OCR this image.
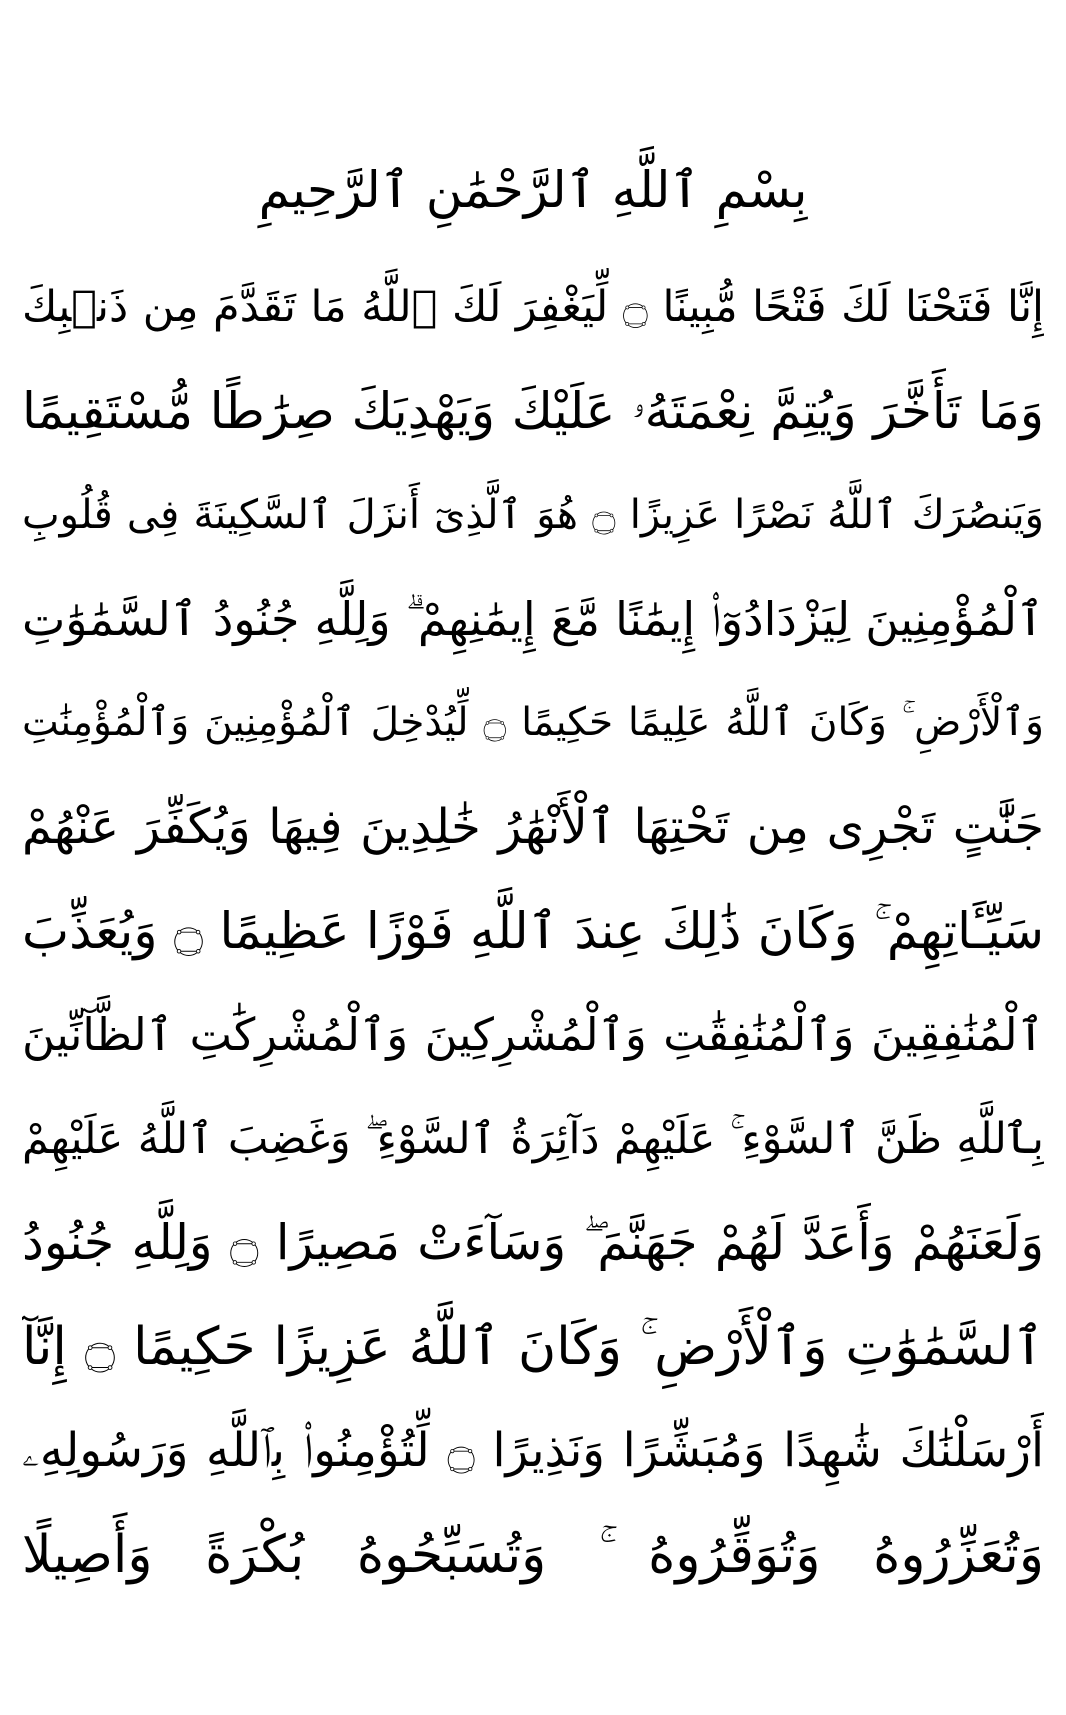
بِسْمِ ٱللَّهِ ٱلرَّحْمَٰنِ ٱلرَّحِيمِ
إِنَّا فَتَحْنَا لَكَ فَتْحًا مُّبِينًا ۝ لِّيَغْفِرَ لَكَ ٱللَّهُ مَا تَقَدَّمَ مِن ذَنۢبِكَ
وَمَا تَأَخَّرَ وَيُتِمَّ نِعْمَتَهُۥ عَلَيْكَ وَيَهْدِيَكَ صِرَٰطًا مُّسْتَقِيمًا
وَيَنصُرَكَ ٱللَّهُ نَصْرًا عَزِيزًا ۝ هُوَ ٱلَّذِىٓ أَنزَلَ ٱلسَّكِينَةَ فِى قُلُوبِ
ٱلْمُؤْمِنِينَ لِيَزْدَادُوٓا۟ إِيمَٰنًا مَّعَ إِيمَٰنِهِمْ ۗ وَلِلَّهِ جُنُودُ ٱلسَّمَٰوَٰتِ
وَٱلْأَرْضِ ۚ وَكَانَ ٱللَّهُ عَلِيمًا حَكِيمًا ۝ لِّيُدْخِلَ ٱلْمُؤْمِنِينَ وَٱلْمُؤْمِنَٰتِ
جَنَّٰتٍ تَجْرِى مِن تَحْتِهَا ٱلْأَنْهَٰرُ خَٰلِدِينَ فِيهَا وَيُكَفِّرَ عَنْهُمْ
سَيِّـَٔاتِهِمْ ۚ وَكَانَ ذَٰلِكَ عِندَ ٱللَّهِ فَوْزًا عَظِيمًا ۝ وَيُعَذِّبَ
ٱلْمُنَٰفِقِينَ وَٱلْمُنَٰفِقَٰتِ وَٱلْمُشْرِكِينَ وَٱلْمُشْرِكَٰتِ ٱلظَّآنِّينَ
بِٱللَّهِ ظَنَّ ٱلسَّوْءِ ۚ عَلَيْهِمْ دَآئِرَةُ ٱلسَّوْءِ ۖ وَغَضِبَ ٱللَّهُ عَلَيْهِمْ
وَلَعَنَهُمْ وَأَعَدَّ لَهُمْ جَهَنَّمَ ۖ وَسَآءَتْ مَصِيرًا ۝ وَلِلَّهِ جُنُودُ
ٱلسَّمَٰوَٰتِ وَٱلْأَرْضِ ۚ وَكَانَ ٱللَّهُ عَزِيزًا حَكِيمًا ۝ إِنَّآ
أَرْسَلْنَٰكَ شَٰهِدًا وَمُبَشِّرًا وَنَذِيرًا ۝ لِّتُؤْمِنُوا۟ بِٱللَّهِ وَرَسُولِهِۦ
وَتُعَزِّرُوهُ وَتُوَقِّرُوهُ ۚ وَتُسَبِّحُوهُ بُكْرَةً وَأَصِيلًا
